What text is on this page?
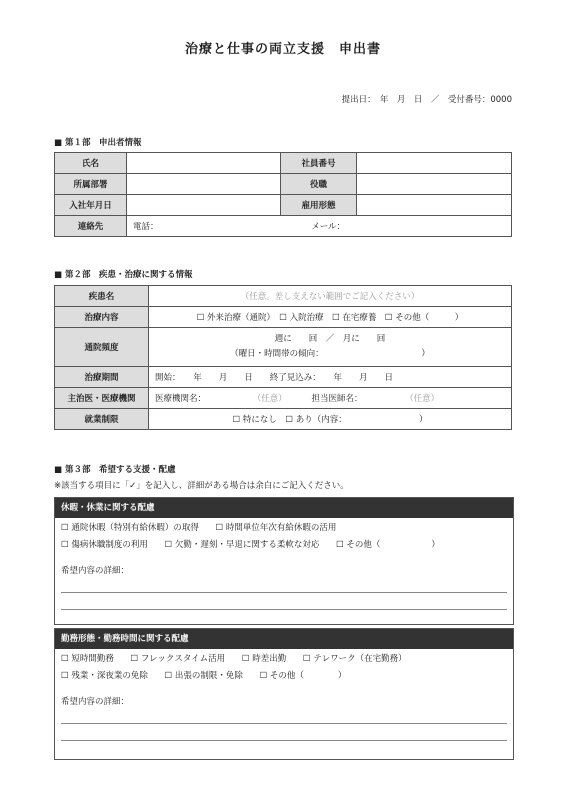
治療と仕事の両立支援　申出書
提出日：　年　月　日　／　受付番号：0000
■ 第１部　申出者情報
氏名		社員番号	
所属部署		役職	
入社年月日		雇用形態	
連絡先	電話： メール：		
■ 第２部　疾患・治療に関する情報
疾患名	（任意。差し支えない範囲でご記入ください）
治療内容	☐ 外来治療（通院）　☐ 入院治療　☐ 在宅療養　☐ その他（　　　）
通院頻度	週に　　回　／　月に　　回
（曜日・時間帯の傾向：　　　　　　　　　　　　）

治療期間	開始：　　年　　月　　日　　終了見込み：　　年　　月　　日
主治医・医療機関	医療機関名： （任意） 担当医師名： （任意）
就業制限	☐ 特になし　☐ あり（内容：　　　　　　　　　）
■ 第３部　希望する支援・配慮
※該当する項目に「✓」を記入し、詳細がある場合は余白にご記入ください。
休暇・休業に関する配慮
☐ 通院休暇（特別有給休暇）の取得 ☐ 時間単位年次有給休暇の活用
☐ 傷病休職制度の利用 ☐ 欠勤・遅刻・早退に関する柔軟な対応 ☐ その他（　　　　　　）
希望内容の詳細：
勤務形態・勤務時間に関する配慮
☐ 短時間勤務 ☐ フレックスタイム活用 ☐ 時差出勤 ☐ テレワーク（在宅勤務）
☐ 残業・深夜業の免除 ☐ 出張の制限・免除 ☐ その他（　　　　）
希望内容の詳細：
